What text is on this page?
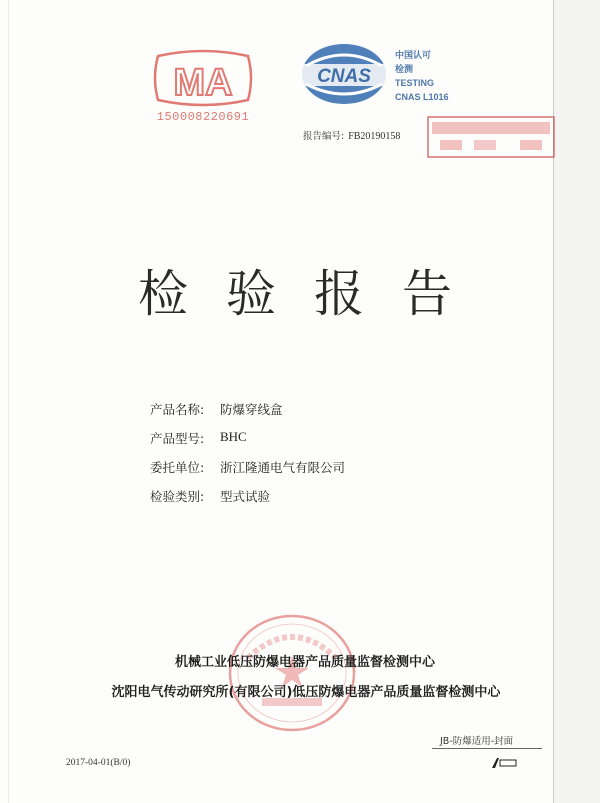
MA
150008220691
CNAS
中国认可
检测
TESTING
CNAS L1016
报告编号: FB20190158
检 验 报 告
产品名称:	防爆穿线盒
产品型号:	BHC
委托单位:	浙江隆通电气有限公司
检验类别:	型式试验
机械工业低压防爆电器产品质量监督检测中心
沈阳电气传动研究所(有限公司)低压防爆电器产品质量监督检测中心
JB-防爆适用-封面
2017-04-01(B/0)
